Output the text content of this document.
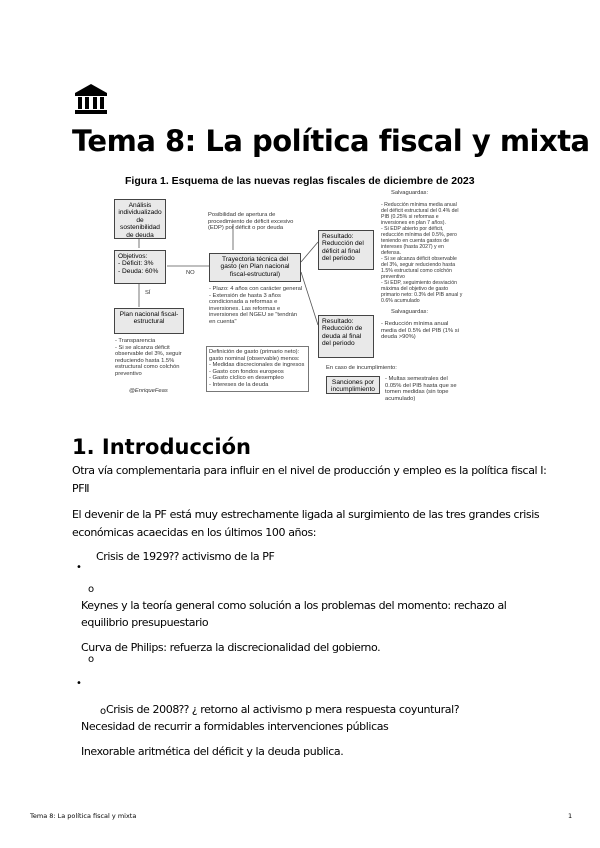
Tema 8: La política fiscal y mixta
Figura 1. Esquema de las nuevas reglas fiscales de diciembre de 2023
Análisis individualizado de sostenibilidad de deuda
Objetivos:
- Déficit: 3%
- Deuda: 60%
SÍ
NO
Plan nacional fiscal-estructural
- Transparencia
- Si se alcanza déficit observable del 3%, seguir reduciendo hasta 1.5% estructural como colchón preventivo
@EnriqueFeas
Posibilidad de apertura de procedimiento de déficit excesivo (EDP) por déficit o por deuda
Trayectoria técnica del gasto (en Plan nacional fiscal-estructural)
- Plazo: 4 años con carácter general
- Extensión de hasta 3 años condicionada a reformas e inversiones. Las reformas e inversiones del NGEU se "tendrán en cuenta"
Definición de gasto (primario neto): gasto nominal (observable) menos:
- Medidas discrecionales de ingresos
- Gasto con fondos europeos
- Gasto cíclico en desempleo
- Intereses de la deuda
Resultado: Reducción del déficit al final del periodo
Resultado: Reducción de deuda al final del periodo
En caso de incumplimiento:
Sanciones por incumplimiento
Salvaguardas:
- Reducción mínima media anual del déficit estructural del 0.4% del PIB (0.25% si reformas e inversiones en plan 7 años).
- Si EDP abierto por déficit, reducción mínima del 0.5%, pero teniendo en cuenta gastos de intereses (hasta 2027) y en defensa.
- Si se alcanza déficit observable del 3%, seguir reduciendo hasta 1.5% estructural como colchón preventivo
- Si EDP, seguimiento desviación máxima del objetivo de gasto primario neto: 0.3% del PIB anual y 0.6% acumulado
Salvaguardas:
- Reducción mínima anual media del 0.5% del PIB (1% si deuda >90%)
- Multas semestrales del 0.05% del PIB hasta que se tomen medidas (sin tope acumulado)
1. Introducción
Otra vía complementaria para influir en el nivel de producción y empleo es la política fiscal Ⅰ:
PFⅡ
El devenir de la PF está muy estrechamente ligada al surgimiento de las tres grandes crisis
económicas acaecidas en los últimos 100 años:
Crisis de 1929⁇ activismo de la PF
•
o
Keynes y la teoría general como solución a los problemas del momento: rechazo al
equilibrio presupuestario
Curva de Philips: refuerza la discrecionalidad del gobierno.
o
•
o Crisis de 2008⁇ ¿ retorno al activismo p mera respuesta coyuntural?
Necesidad de recurrir a formidables intervenciones públicas
Inexorable aritmética del déficit y la deuda publica.
Tema 8: La política fiscal y mixta	1
